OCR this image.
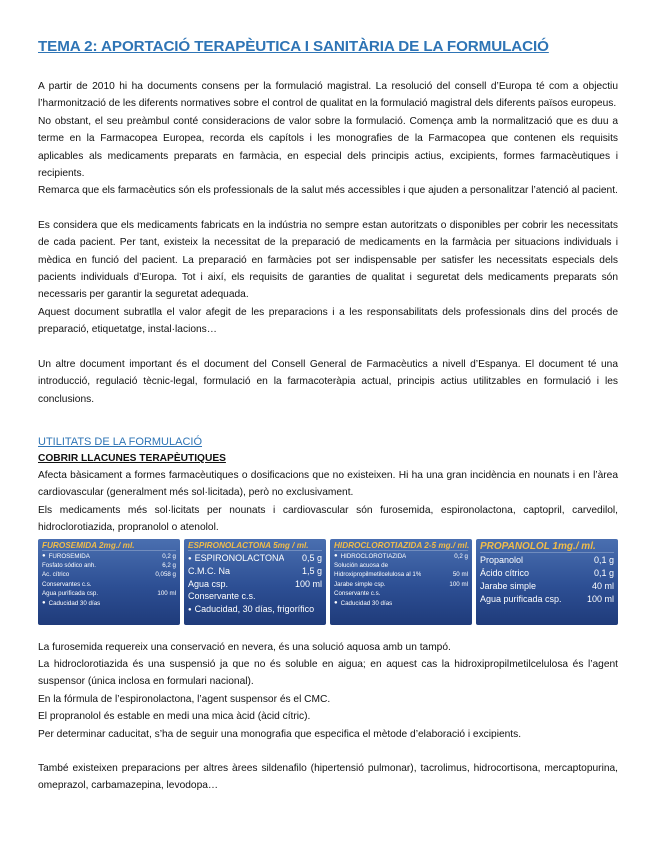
TEMA 2: APORTACIÓ TERAPÈUTICA I SANITÀRIA DE LA FORMULACIÓ

A partir de 2010 hi ha documents consens per la formulació magistral. La resolució del consell d’Europa té com a objectiu l’harmonització de les diferents normatives sobre el control de qualitat en la formulació magistral dels diferents països europeus.

No obstant, el seu preàmbul conté consideracions de valor sobre la formulació. Comença amb la normalització que es duu a terme en la Farmacopea Europea, recorda els capítols i les monografies de la Farmacopea que contenen els requisits aplicables als medicaments preparats en farmàcia, en especial dels principis actius, excipients, formes farmacèutiques i recipients.

Remarca que els farmacèutics són els professionals de la salut més accessibles i que ajuden a personalitzar l’atenció al pacient.

Es considera que els medicaments fabricats en la indústria no sempre estan autoritzats o disponibles per cobrir les necessitats de cada pacient. Per tant, existeix la necessitat de la preparació de medicaments en la farmàcia per situacions individuals i mèdica en funció del pacient. La preparació en farmàcies pot ser indispensable per satisfer les necessitats especials dels pacients individuals d’Europa. Tot i així, els requisits de garanties de qualitat i seguretat dels medicaments preparats són necessaris per garantir la seguretat adequada.

Aquest document subratlla el valor afegit de les preparacions i a les responsabilitats dels professionals dins del procés de preparació, etiquetatge, instal·lacions…

Un altre document important és el document del Consell General de Farmacèutics a nivell d’Espanya. El document té una introducció, regulació tècnic-legal, formulació en la farmacoteràpia actual, principis actius utilitzables en formulació i les conclusions.

UTILITATS DE LA FORMULACIÓ
COBRIR LLACUNES TERAPÈUTIQUES

Afecta bàsicament a formes farmacèutiques o dosificacions que no existeixen. Hi ha una gran incidència en nounats i en l’àrea cardiovascular (generalment més sol·licitada), però no exclusivament.

Els medicaments més sol·licitats per nounats i cardiovascular són furosemida, espironolactona, captopril, carvedilol, hidroclorotiazida, propranolol o atenolol.

FUROSEMIDA 2mg./ ml.
● FUROSEMIDA	0,2 g
Fosfato sódico anh.	6,2 g
Ac. cítrico	0,058 g
Conservantes c.s.
Agua purificada csp.	100 ml
● Caducidad 30 días
ESPIRONOLACTONA 5mg / ml.
● ESPIRONOLACTONA 0,5 g
C.M.C. Na	1,5 g
Agua csp.	100 ml
Conservante c.s.
● Caducidad, 30 días, frigorífico
HIDROCLOROTIAZIDA 2-5 mg./ ml.
● HIDROCLOROTIAZIDA	0,2 g
Solución acuosa de
Hidroxipropilmetilcelulosa al 1%	50 ml
Jarabe simple csp.	100 ml
Conservante c.s.
● Caducidad 30 días
PROPANOLOL 1mg./ ml.
Propanolol	0,1 g
Ácido cítrico	0,1 g
Jarabe simple	40 ml
Agua purificada csp.	100 ml

La furosemida requereix una conservació en nevera, és una solució aquosa amb un tampó.

La hidroclorotiazida és una suspensió ja que no és soluble en aigua; en aquest cas la hidroxipropilmetilcelulosa és l’agent suspensor (única inclosa en formulari nacional).

En la fórmula de l’espironolactona, l’agent suspensor és el CMC.

El propranolol és estable en medi una mica àcid (àcid cítric).

Per determinar caducitat, s’ha de seguir una monografia que especifica el mètode d’elaboració i excipients.

També existeixen preparacions per altres àrees sildenafilo (hipertensió pulmonar), tacrolimus, hidrocortisona, mercaptopurina, omeprazol, carbamazepina, levodopa…
